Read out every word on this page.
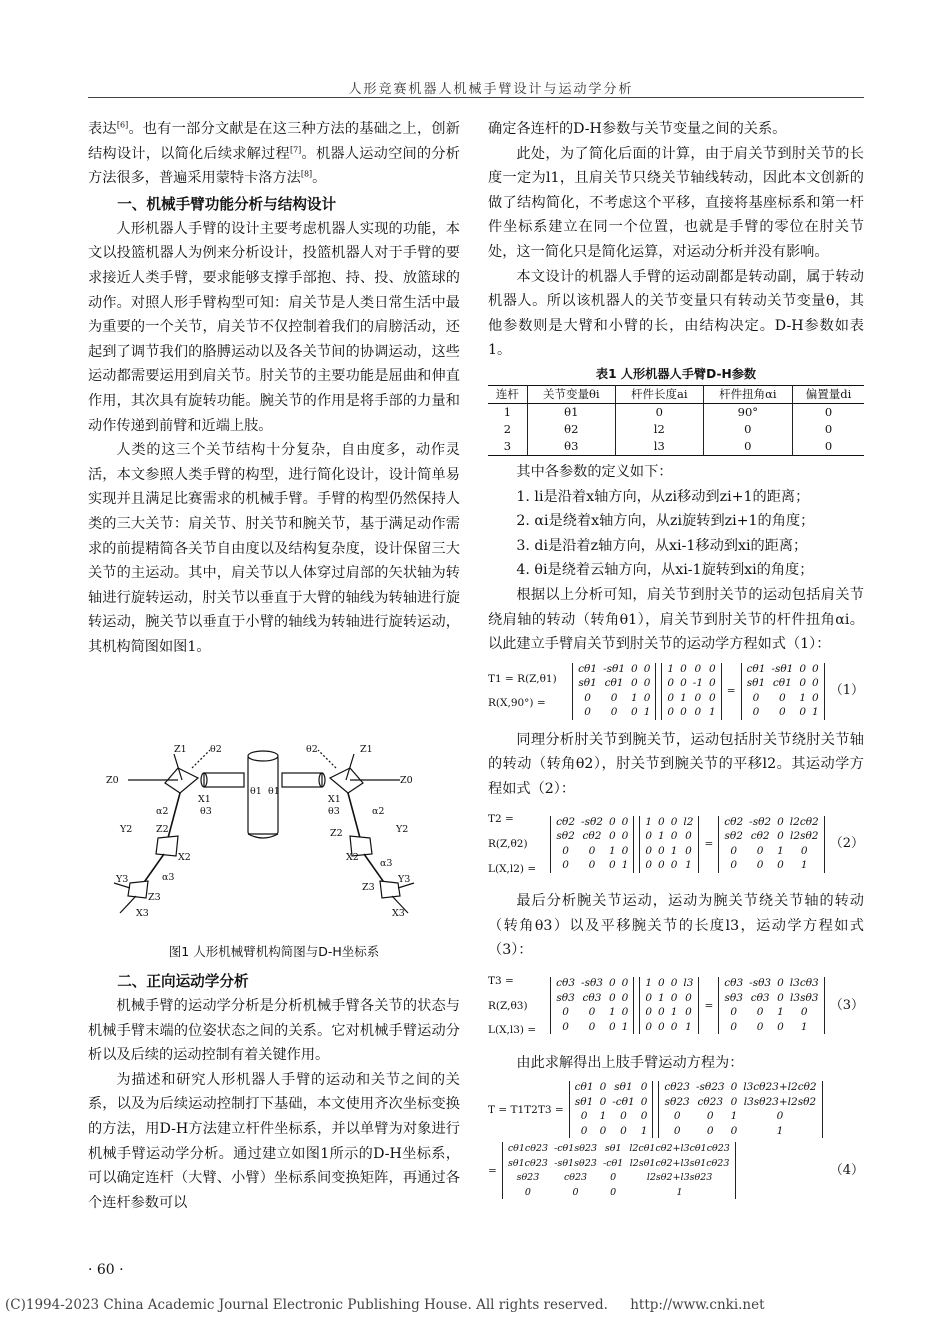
人形竞赛机器人机械手臂设计与运动学分析

表达[6]。也有一部分文献是在这三种方法的基础之上，创新结构设计，以简化后续求解过程[7]。机器人运动空间的分析方法很多，普遍采用蒙特卡洛方法[8]。

一、机械手臂功能分析与结构设计

人形机器人手臂的设计主要考虑机器人实现的功能，本文以投篮机器人为例来分析设计，投篮机器人对于手臂的要求接近人类手臂，要求能够支撑手部抱、持、投、放篮球的动作。对照人形手臂构型可知：肩关节是人类日常生活中最为重要的一个关节，肩关节不仅控制着我们的肩膀活动，还起到了调节我们的胳膊运动以及各关节间的协调运动，这些运动都需要运用到肩关节。肘关节的主要功能是屈曲和伸直作用，其次具有旋转功能。腕关节的作用是将手部的力量和动作传递到前臂和近端上肢。

人类的这三个关节结构十分复杂，自由度多，动作灵活，本文参照人类手臂的构型，进行简化设计，设计简单易实现并且满足比赛需求的机械手臂。手臂的构型仍然保持人类的三大关节：肩关节、肘关节和腕关节，基于满足动作需求的前提精简各关节自由度以及结构复杂度，设计保留三大关节的主运动。其中，肩关节以人体穿过肩部的矢状轴为转轴进行旋转运动，肘关节以垂直于大臂的轴线为转轴进行旋转运动，腕关节以垂直于小臂的轴线为转轴进行旋转运动，其机构简图如图1。

Z1 θ2
Z0
X1
θ3
α2
Y2 Z2
X2
α3
Y3
Z3
X3
θ1 θ1
θ2	Z1
Z0
X1
θ3	α2
Z2	Y2
X2
α3
Z3
Y3
X3
图1 人形机械臂机构简图与D-H坐标系
二、正向运动学分析

机械手臂的运动学分析是分析机械手臂各关节的状态与机械手臂末端的位姿状态之间的关系。它对机械手臂运动分析以及后续的运动控制有着关键作用。

为描述和研究人形机器人手臂的运动和关节之间的关系，以及为后续运动控制打下基础，本文使用齐次坐标变换的方法，用D-H方法建立杆件坐标系，并以单臂为对象进行机械手臂运动学分析。通过建立如图1所示的D-H坐标系，可以确定连杆（大臂、小臂）坐标系间变换矩阵，再通过各个连杆参数可以

确定各连杆的D-H参数与关节变量之间的关系。

此处，为了简化后面的计算，由于肩关节到肘关节的长度一定为l1，且肩关节只绕关节轴线转动，因此本文创新的做了结构简化，不考虑这个平移，直接将基座标系和第一杆件坐标系建立在同一个位置，也就是手臂的零位在肘关节处，这一简化只是简化运算，对运动分析并没有影响。

本文设计的机器人手臂的运动副都是转动副，属于转动机器人。所以该机器人的关节变量只有转动关节变量θ，其他参数则是大臂和小臂的长，由结构决定。D-H参数如表1。

表1 人形机器人手臂D-H参数
连杆	关节变量θi	杆件长度ai	杆件扭角αi	偏置量di
1	θ1	0	90°	0
2	θ2	l2	0	0
3	θ3	l3	0	0

其中各参数的定义如下：

1. li是沿着x轴方向，从zi移动到zi+1的距离；

2. αi是绕着x轴方向，从zi旋转到zi+1的角度；

3. di是沿着z轴方向，从xi-1移动到xi的距离；

4. θi是绕着云轴方向，从xi-1旋转到xi的角度；

根据以上分析可知，肩关节到肘关节的运动包括肩关节绕肩轴的转动（转角θ1），肩关节到肘关节的杆件扭角αi。以此建立手臂肩关节到肘关节的运动学方程如式（1）：

T1 = R(Z,θ1) R(X,90°) =
cθ1 -sθ1 0 0
sθ1 cθ1 0 0
0	0	1 0
0	0	0 1
1 0 0 0
0 0 -1 0
0 1 0 0
0 0 0 1
=
cθ1 -sθ1 0 0
sθ1 cθ1 0 0
0	0	1 0
0	0	0 1
（1）

同理分析肘关节到腕关节，运动包括肘关节绕肘关节轴的转动（转角θ2），肘关节到腕关节的平移l2。其运动学方程如式（2）：

T2 = R(Z,θ2) L(X,l2) =
cθ2 -sθ2 0 0
sθ2 cθ2 0 0
0	0	1 0
0	0	0 1
1 0 0 l2
0 1 0 0
0 0 1 0
0 0 0 1
=
cθ2 -sθ2 0 l2cθ2
sθ2 cθ2 0 l2sθ2
0	0	1	0
0	0	0	1
（2）

最后分析腕关节运动，运动为腕关节绕关节轴的转动（转角θ3）以及平移腕关节的长度l3，运动学方程如式（3）：

T3 = R(Z,θ3) L(X,l3) =
cθ3 -sθ3 0 0
sθ3 cθ3 0 0
0	0	1 0
0	0	0 1
1 0 0 l3
0 1 0 0
0 0 1 0
0 0 0 1
=
cθ3 -sθ3 0 l3cθ3
sθ3 cθ3 0 l3sθ3
0	0	1	0
0	0	0	1
（3）

由此求解得出上肢手臂运动方程为：

T = T1T2T3 =
cθ1 0 sθ1 0
sθ1 0 -cθ1 0
0	1	0	0
0	0	0	1
cθ23 -sθ23 0 l3cθ23+l2cθ2
sθ23 cθ23 0 l3sθ23+l2sθ2
0	0	1	0
0	0	0	1
=
cθ1cθ23 -cθ1sθ23 sθ1 l2cθ1cθ2+l3cθ1cθ23
sθ1cθ23 -sθ1sθ23 -cθ1 l2sθ1cθ2+l3sθ1cθ23
sθ23	cθ23	0	l2sθ2+l3sθ23
0	0	0	1
（4）
· 60 ·
(C)1994-2023 China Academic Journal Electronic Publishing House. All rights reserved. http://www.cnki.net
